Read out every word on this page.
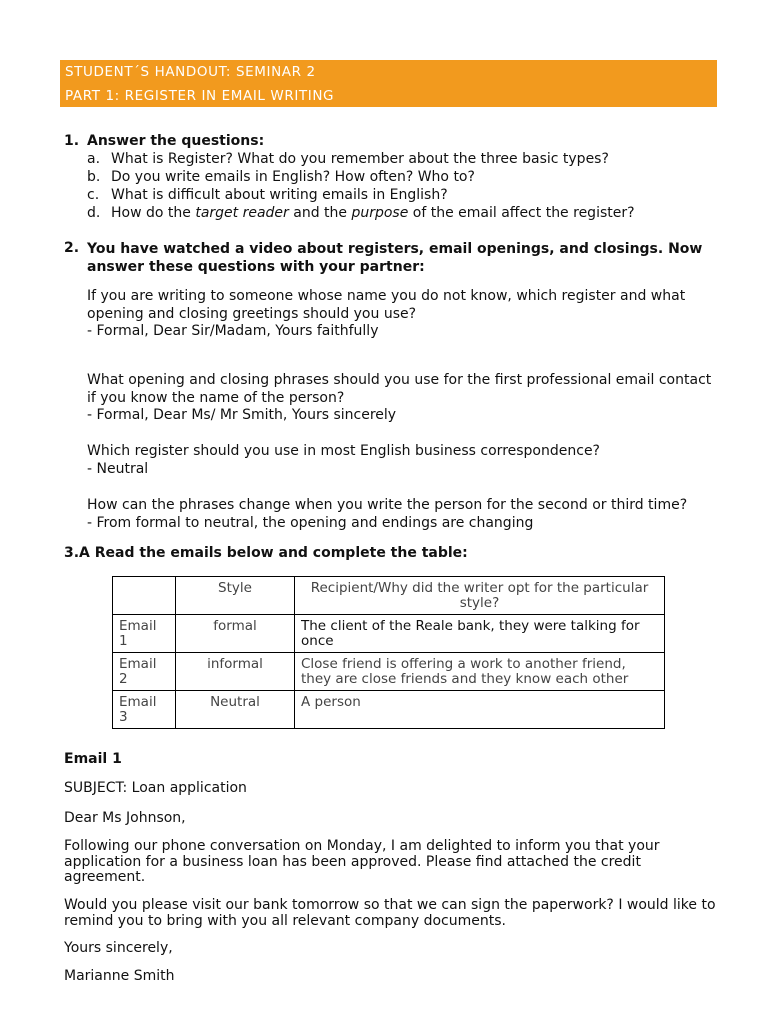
STUDENT´S HANDOUT: SEMINAR 2
PART 1: REGISTER IN EMAIL WRITING
1. Answer the questions:
a. What is Register? What do you remember about the three basic types?
b. Do you write emails in English? How often? Who to?
c. What is difficult about writing emails in English?
d. How do the target reader and the purpose of the email affect the register?
2. You have watched a video about registers, email openings, and closings. Now answer these questions with your partner:
If you are writing to someone whose name you do not know, which register and what opening and closing greetings should you use?
- Formal, Dear Sir/Madam, Yours faithfully
What opening and closing phrases should you use for the first professional email contact if you know the name of the person?
- Formal, Dear Ms/ Mr Smith, Yours sincerely
Which register should you use in most English business correspondence?
- Neutral
How can the phrases change when you write the person for the second or third time?
- From formal to neutral, the opening and endings are changing
3.A Read the emails below and complete the table:
	Style	Recipient/Why did the writer opt for the particular style?
Email 1	formal	The client of the Reale bank, they were talking for once
Email 2	informal	Close friend is offering a work to another friend, they are close friends and they know each other
Email 3	Neutral	A person
Email 1
SUBJECT: Loan application
Dear Ms Johnson,
Following our phone conversation on Monday, I am delighted to inform you that your application for a business loan has been approved. Please find attached the credit agreement.
Would you please visit our bank tomorrow so that we can sign the paperwork? I would like to remind you to bring with you all relevant company documents.
Yours sincerely,
Marianne Smith
